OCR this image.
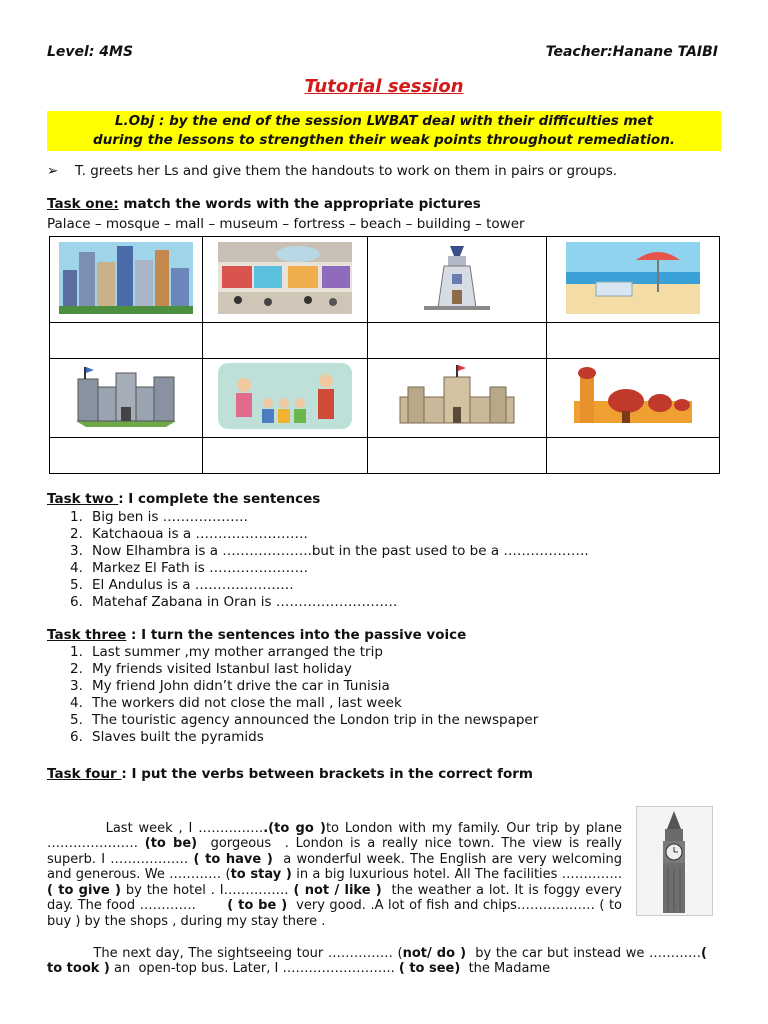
Level: 4MS	Teacher:Hanane TAIBI
Tutorial session
L.Obj : by the end of the session LWBAT deal with their difficulties met
during the lessons to strengthen their weak points throughout remediation.
➢ T. greets her Ls and give them the handouts to work on them in pairs or groups.
Task one: match the words with the appropriate pictures
Palace – mosque – mall – museum – fortress – beach – building – tower

Task two : I complete the sentences
1. Big ben is ……………….
2. Katchaoua is a …………………….
3. Now Elhambra is a ………………..but in the past used to be a ……………….
4. Markez El Fath is ………………….
5. El Andulus is a ………………….
6. Matehaf Zabana in Oran is ………………………
Task three : I turn the sentences into the passive voice
1. Last summer ,my mother arranged the trip
2. My friends visited Istanbul last holiday
3. My friend John didn’t drive the car in Tunisia
4. The workers did not close the mall , last week
5. The touristic agency announced the London trip in the newspaper
6. Slaves built the pyramids
Task four : I put the verbs between brackets in the correct form

Last week , I …………….(to go )to London with my family. Our trip by plane ………………… (to be)  gorgeous  . London is a really nice town. The view is really superb. I ……………… ( to have )  a wonderful week. The English are very welcoming and generous. We ………… (to stay ) in a big luxurious hotel. All The facilities ………….. ( to give ) by the hotel . I…………… ( not / like )  the weather a lot. It is foggy every day. The food ………….       ( to be )  very good. .A lot of fish and chips……………… ( to buy ) by the shops , during my stay there .

The next day, The sightseeing tour …………… (not/ do )  by the car but instead we …………( to took ) an  open-top bus. Later, I …………………….. ( to see)  the Madame
